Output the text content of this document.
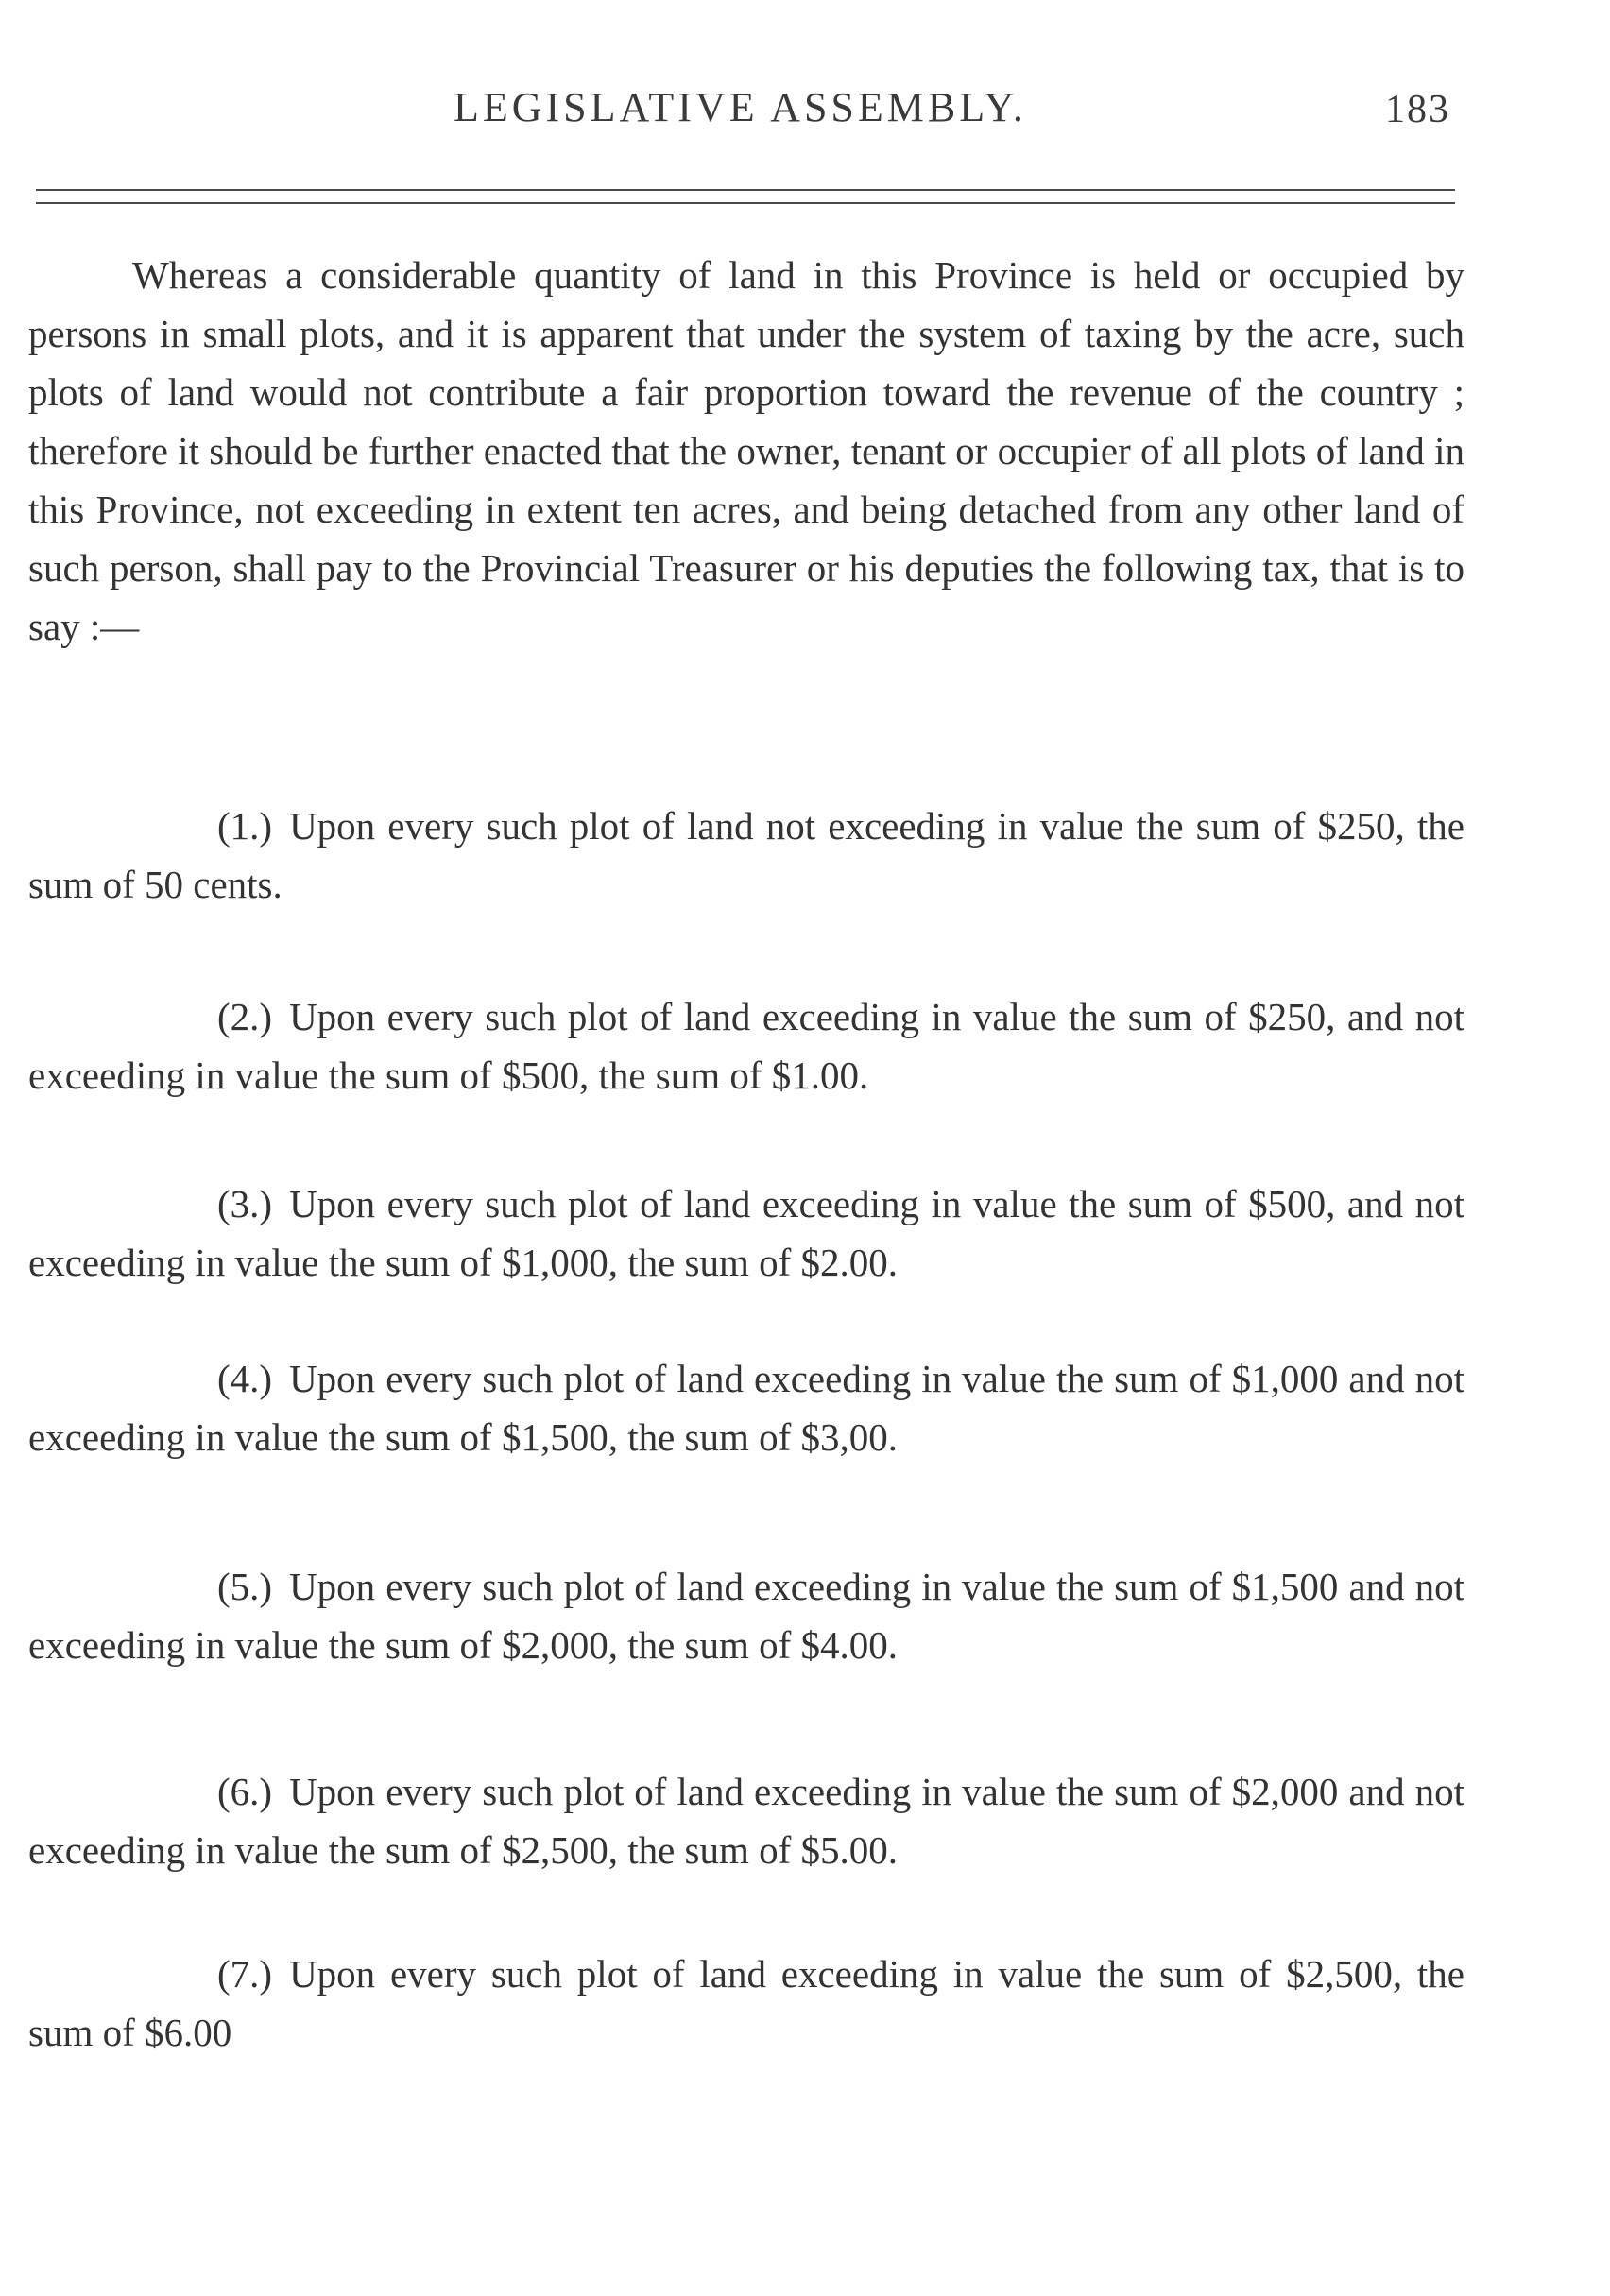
LEGISLATIVE ASSEMBLY.	183

Whereas a considerable quantity of land in this Province is held or occupied by persons in small plots, and it is apparent that under the system of taxing by the acre, such plots of land would not contribute a fair proportion toward the revenue of the country ; therefore it should be further enacted that the owner, tenant or occupier of all plots of land in this Province, not exceeding in extent ten acres, and being detached from any other land of such person, shall pay to the Provincial Treasurer or his deputies the following tax, that is to say :—

(1.) Upon every such plot of land not exceeding in value the sum of $250, the sum of 50 cents.

(2.) Upon every such plot of land exceeding in value the sum of $250, and not exceeding in value the sum of $500, the sum of $1.00.

(3.) Upon every such plot of land exceeding in value the sum of $500, and not exceeding in value the sum of $1,000, the sum of $2.00.

(4.) Upon every such plot of land exceeding in value the sum of $1,000 and not exceeding in value the sum of $1,500, the sum of $3,00.

(5.) Upon every such plot of land exceeding in value the sum of $1,500 and not exceeding in value the sum of $2,000, the sum of $4.00.

(6.) Upon every such plot of land exceeding in value the sum of $2,000 and not exceeding in value the sum of $2,500, the sum of $5.00.

(7.) Upon every such plot of land exceeding in value the sum of $2,500, the sum of $6.00
